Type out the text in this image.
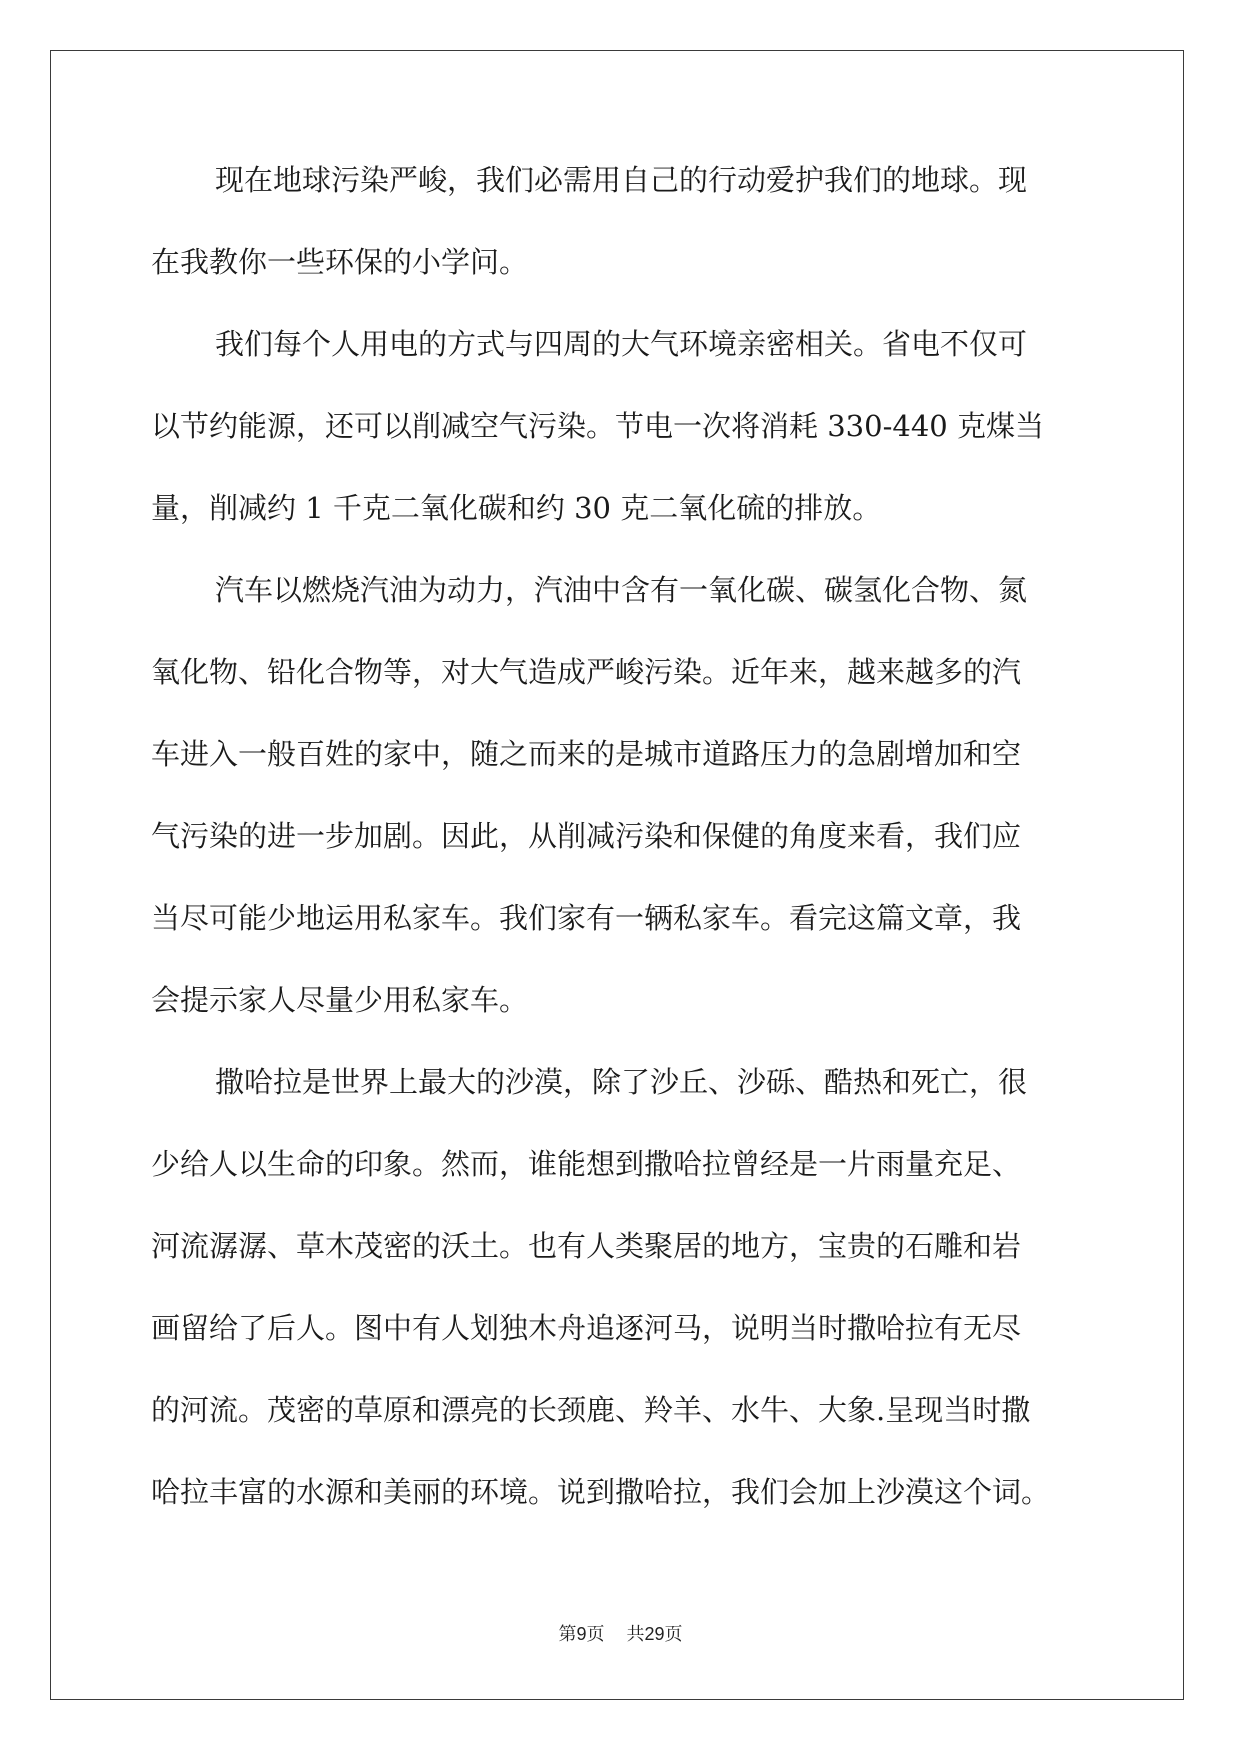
现在地球污染严峻，我们必需用自己的行动爱护我们的地球。现
在我教你一些环保的小学问。
我们每个人用电的方式与四周的大气环境亲密相关。省电不仅可
以节约能源，还可以削减空气污染。节电一次将消耗 330-440 克煤当
量，削减约 1 千克二氧化碳和约 30 克二氧化硫的排放。
汽车以燃烧汽油为动力，汽油中含有一氧化碳、碳氢化合物、氮
氧化物、铅化合物等，对大气造成严峻污染。近年来，越来越多的汽
车进入一般百姓的家中，随之而来的是城市道路压力的急剧增加和空
气污染的进一步加剧。因此，从削减污染和保健的角度来看，我们应
当尽可能少地运用私家车。我们家有一辆私家车。看完这篇文章，我
会提示家人尽量少用私家车。
撒哈拉是世界上最大的沙漠，除了沙丘、沙砾、酷热和死亡，很
少给人以生命的印象。然而，谁能想到撒哈拉曾经是一片雨量充足、
河流潺潺、草木茂密的沃土。也有人类聚居的地方，宝贵的石雕和岩
画留给了后人。图中有人划独木舟追逐河马，说明当时撒哈拉有无尽
的河流。茂密的草原和漂亮的长颈鹿、羚羊、水牛、大象.呈现当时撒
哈拉丰富的水源和美丽的环境。说到撒哈拉，我们会加上沙漠这个词。
第9页 共29页
